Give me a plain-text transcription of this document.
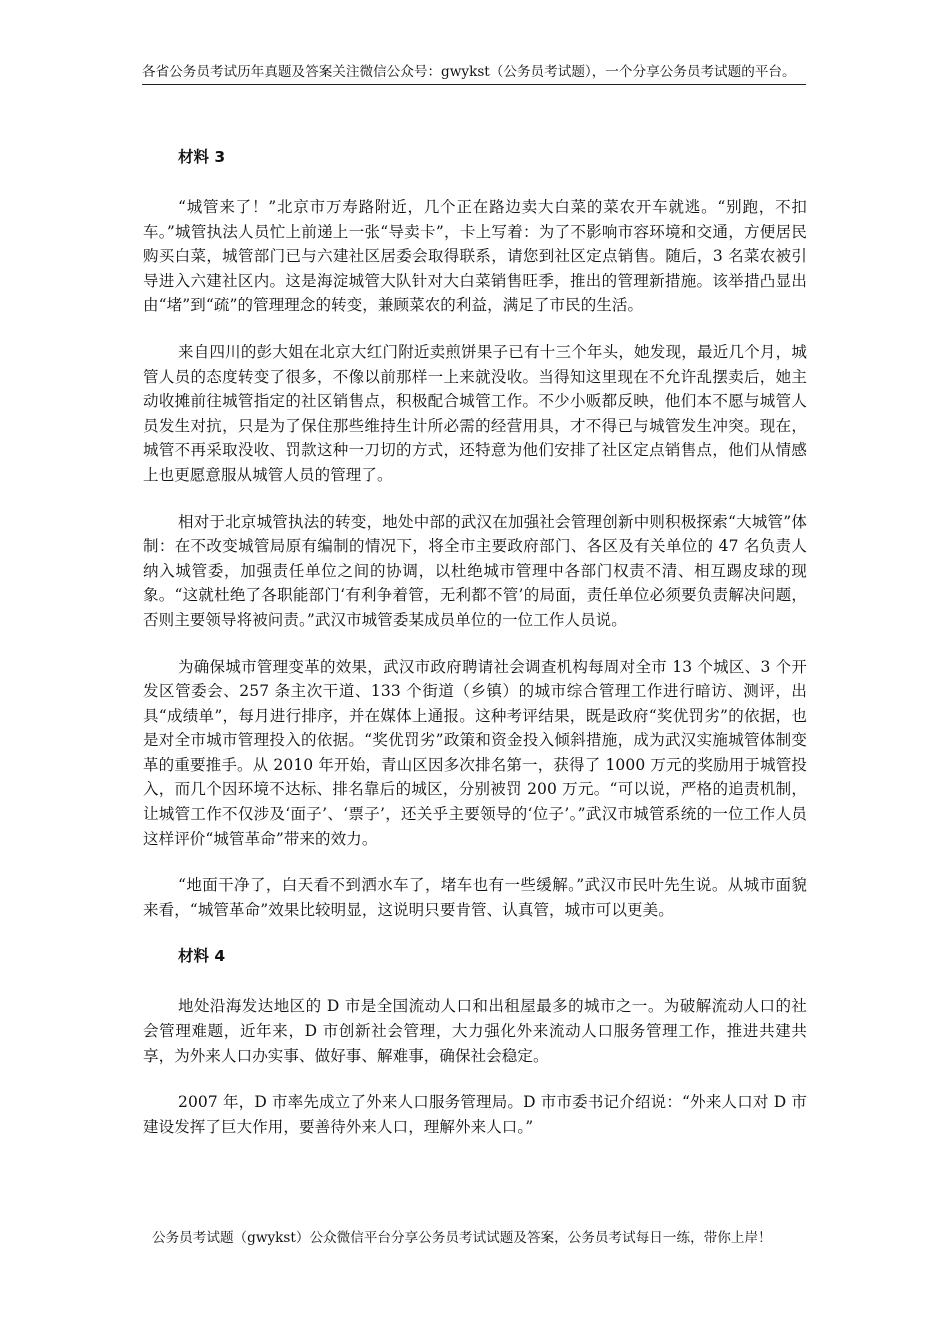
各省公务员考试历年真题及答案关注微信公众号：gwykst（公务员考试题），一个分享公务员考试题的平台。
材料 3

“城管来了！”北京市万寿路附近，几个正在路边卖大白菜的菜农开车就逃。“别跑，不扣车。”城管执法人员忙上前递上一张“导卖卡”，卡上写着：为了不影响市容环境和交通，方便居民购买白菜，城管部门已与六建社区居委会取得联系，请您到社区定点销售。随后，3 名菜农被引导进入六建社区内。这是海淀城管大队针对大白菜销售旺季，推出的管理新措施。该举措凸显出由“堵”到“疏”的管理理念的转变，兼顾菜农的利益，满足了市民的生活。

来自四川的彭大姐在北京大红门附近卖煎饼果子已有十三个年头，她发现，最近几个月，城管人员的态度转变了很多，不像以前那样一上来就没收。当得知这里现在不允许乱摆卖后，她主动收摊前往城管指定的社区销售点，积极配合城管工作。不少小贩都反映，他们本不愿与城管人员发生对抗，只是为了保住那些维持生计所必需的经营用具，才不得已与城管发生冲突。现在，城管不再采取没收、罚款这种一刀切的方式，还特意为他们安排了社区定点销售点，他们从情感上也更愿意服从城管人员的管理了。

相对于北京城管执法的转变，地处中部的武汉在加强社会管理创新中则积极探索“大城管”体制：在不改变城管局原有编制的情况下，将全市主要政府部门、各区及有关单位的 47 名负责人纳入城管委，加强责任单位之间的协调，以杜绝城市管理中各部门权责不清、相互踢皮球的现象。“这就杜绝了各职能部门‘有利争着管，无利都不管’的局面，责任单位必须要负责解决问题，否则主要领导将被问责。”武汉市城管委某成员单位的一位工作人员说。

为确保城市管理变革的效果，武汉市政府聘请社会调查机构每周对全市 13 个城区、3 个开发区管委会、257 条主次干道、133 个街道（乡镇）的城市综合管理工作进行暗访、测评，出具“成绩单”，每月进行排序，并在媒体上通报。这种考评结果，既是政府“奖优罚劣”的依据，也是对全市城市管理投入的依据。“奖优罚劣”政策和资金投入倾斜措施，成为武汉实施城管体制变革的重要推手。从 2010 年开始，青山区因多次排名第一，获得了 1000 万元的奖励用于城管投入，而几个因环境不达标、排名靠后的城区，分别被罚 200 万元。“可以说，严格的追责机制，让城管工作不仅涉及‘面子’、‘票子’，还关乎主要领导的‘位子’。”武汉市城管系统的一位工作人员这样评价“城管革命”带来的效力。

“地面干净了，白天看不到洒水车了，堵车也有一些缓解。”武汉市民叶先生说。从城市面貌来看，“城管革命”效果比较明显，这说明只要肯管、认真管，城市可以更美。

材料 4

地处沿海发达地区的 D 市是全国流动人口和出租屋最多的城市之一。为破解流动人口的社会管理难题，近年来，D 市创新社会管理，大力强化外来流动人口服务管理工作，推进共建共享，为外来人口办实事、做好事、解难事，确保社会稳定。

2007 年，D 市率先成立了外来人口服务管理局。D 市市委书记介绍说：“外来人口对 D 市建设发挥了巨大作用，要善待外来人口，理解外来人口。”

公务员考试题（gwykst）公众微信平台分享公务员考试试题及答案，公务员考试每日一练，带你上岸！
